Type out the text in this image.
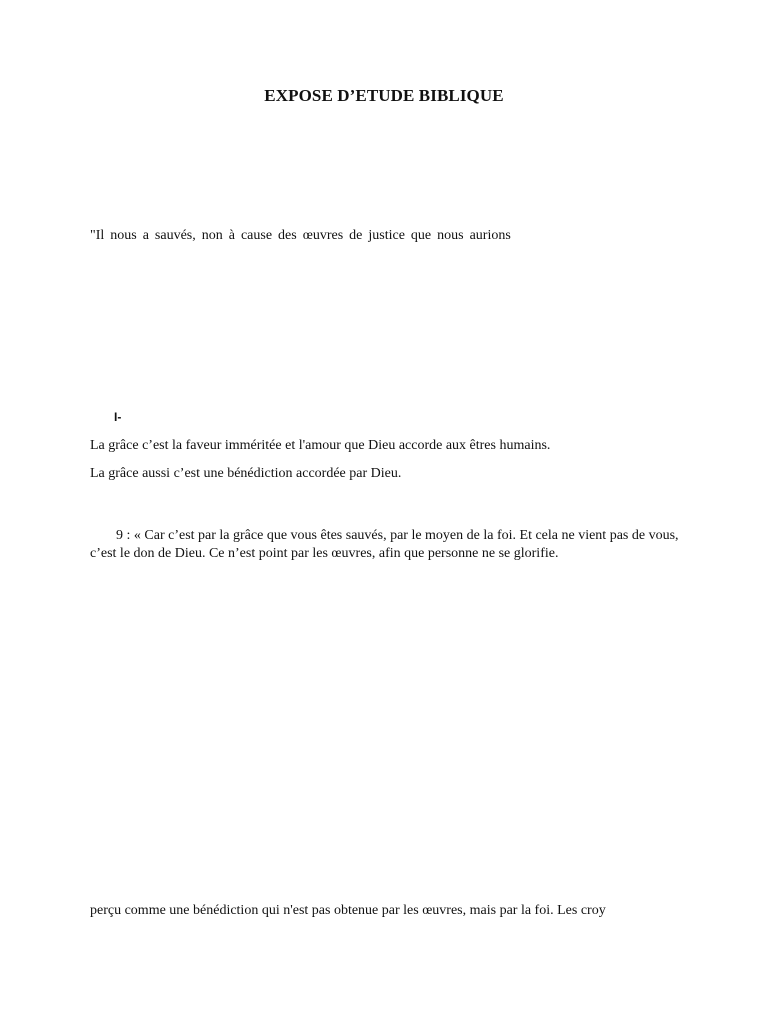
EXPOSE D’ETUDE BIBLIQUE
"Il nous a sauvés, non à cause des œuvres de justice que nous aurions
I-
La grâce c’est la faveur imméritée et l'amour que Dieu accorde aux êtres humains.
La grâce aussi c’est une bénédiction accordée par Dieu.
9 : « Car c’est par la grâce que vous êtes sauvés, par le moyen de la foi. Et cela ne vient pas de vous, c’est le don de Dieu. Ce n’est point par les œuvres, afin que personne ne se glorifie.
perçu comme une bénédiction qui n'est pas obtenue par les œuvres, mais par la foi. Les croy
